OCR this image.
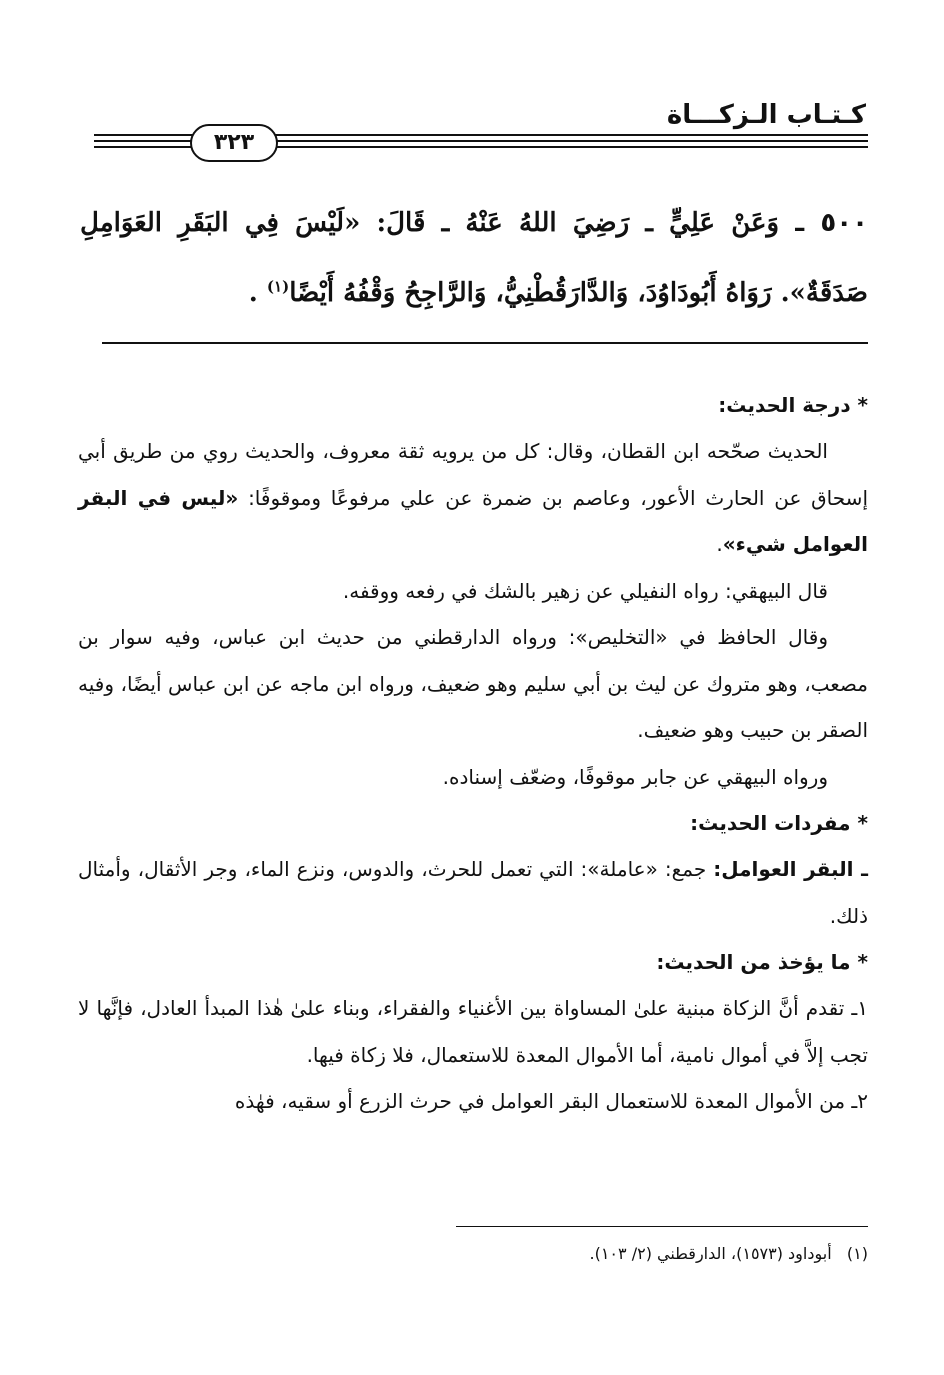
كـتـاب الـزكـــاة
٣٢٣
٥٠٠ ـ وَعَنْ عَلِيٍّ ـ رَضِيَ اللهُ عَنْهُ ـ قَالَ: «لَيْسَ فِي البَقَرِ العَوَامِلِ صَدَقَةٌ». رَوَاهُ أَبُودَاوُدَ، وَالدَّارَقُطْنِيُّ، وَالرَّاجِحُ وَقْفُهُ أَيْضًا$^{(١)}$ .
* درجة الحديث:
الحديث صحّحه ابن القطان، وقال: كل من يرويه ثقة معروف، والحديث روي من طريق أبي إسحاق عن الحارث الأعور، وعاصم بن ضمرة عن علي مرفوعًا وموقوفًا: «ليس في البقر العوامل شيء».
قال البيهقي: رواه النفيلي عن زهير بالشك في رفعه ووقفه.
وقال الحافظ في «التخليص»: ورواه الدارقطني من حديث ابن عباس، وفيه سوار بن مصعب، وهو متروك عن ليث بن أبي سليم وهو ضعيف، ورواه ابن ماجه عن ابن عباس أيضًا، وفيه الصقر بن حبيب وهو ضعيف.
ورواه البيهقي عن جابر موقوفًا، وضعّف إسناده.
* مفردات الحديث:
ـ البقر العوامل: جمع: «عاملة»: التي تعمل للحرث، والدوس، ونزع الماء، وجر الأثقال، وأمثال ذلك.
* ما يؤخذ من الحديث:
١ـ تقدم أنَّ الزكاة مبنية علىٰ المساواة بين الأغنياء والفقراء، وبناء علىٰ هٰذا المبدأ العادل، فإنَّها لا تجب إلاَّ في أموال نامية، أما الأموال المعدة للاستعمال، فلا زكاة فيها.
٢ـ من الأموال المعدة للاستعمال البقر العوامل في حرث الزرع أو سقيه، فهٰذه
(١)   أبوداود (١٥٧٣)، الدارقطني (٢/ ١٠٣).
